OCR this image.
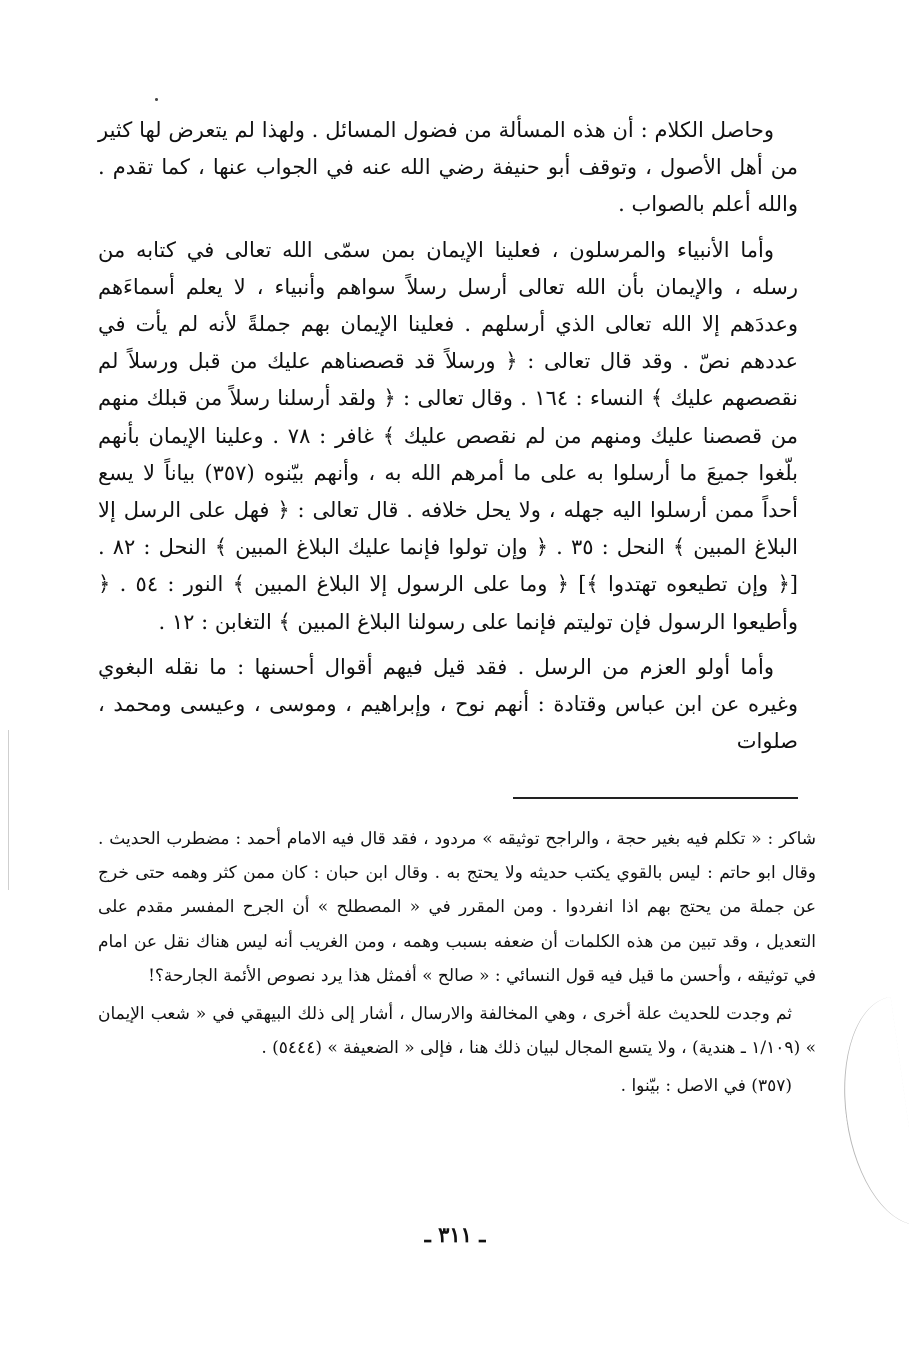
وحاصل الكلام : أن هذه المسألة من فضول المسائل . ولهذا لم يتعرض لها كثير من أهل الأصول ، وتوقف أبو حنيفة رضي الله عنه في الجواب عنها ، كما تقدم . والله أعلم بالصواب .

وأما الأنبياء والمرسلون ، فعلينا الإيمان بمن سمّى الله تعالى في كتابه من رسله ، والإيمان بأن الله تعالى أرسل رسلاً سواهم وأنبياء ، لا يعلم أسماءَهم وعددَهم إلا الله تعالى الذي أرسلهم . فعلينا الإيمان بهم جملةً لأنه لم يأت في عددهم نصّ . وقد قال تعالى : ﴿ ورسلاً قد قصصناهم عليك من قبل ورسلاً لم نقصصهم عليك ﴾ النساء : ١٦٤ . وقال تعالى : ﴿ ولقد أرسلنا رسلاً من قبلك منهم من قصصنا عليك ومنهم من لم نقصص عليك ﴾ غافر : ٧٨ . وعلينا الإيمان بأنهم بلّغوا جميعَ ما أرسلوا به على ما أمرهم الله به ، وأنهم بيّنوه (٣٥٧) بياناً لا يسع أحداً ممن أرسلوا اليه جهله ، ولا يحل خلافه . قال تعالى : ﴿ فهل على الرسل إلا البلاغ المبين ﴾ النحل : ٣٥ . ﴿ وإن تولوا فإنما عليك البلاغ المبين ﴾ النحل : ٨٢ . [﴿ وإن تطيعوه تهتدوا ﴾] ﴿ وما على الرسول إلا البلاغ المبين ﴾ النور : ٥٤ . ﴿ وأطيعوا الرسول فإن توليتم فإنما على رسولنا البلاغ المبين ﴾ التغابن : ١٢ .

وأما أولو العزم من الرسل . فقد قيل فيهم أقوال أحسنها : ما نقله البغوي وغيره عن ابن عباس وقتادة : أنهم نوح ، وإبراهيم ، وموسى ، وعيسى ومحمد ، صلوات

شاكر : « تكلم فيه بغير حجة ، والراجح توثيقه » مردود ، فقد قال فيه الامام أحمد : مضطرب الحديث . وقال ابو حاتم : ليس بالقوي يكتب حديثه ولا يحتج به . وقال ابن حبان : كان ممن كثر وهمه حتى خرج عن جملة من يحتج بهم اذا انفردوا . ومن المقرر في « المصطلح » أن الجرح المفسر مقدم على التعديل ، وقد تبين من هذه الكلمات أن ضعفه بسبب وهمه ، ومن الغريب أنه ليس هناك نقل عن امام في توثيقه ، وأحسن ما قيل فيه قول النسائي : « صالح » أفمثل هذا يرد نصوص الأئمة الجارحة؟!

ثم وجدت للحديث علة أخرى ، وهي المخالفة والارسال ، أشار إلى ذلك البيهقي في « شعب الإيمان » (١/١٠٩ ـ هندية) ، ولا يتسع المجال لبيان ذلك هنا ، فإلى « الضعيفة » (٥٤٤٤) .

(٣٥٧) في الاصل : بيّنوا .

ـ ٣١١ ـ
